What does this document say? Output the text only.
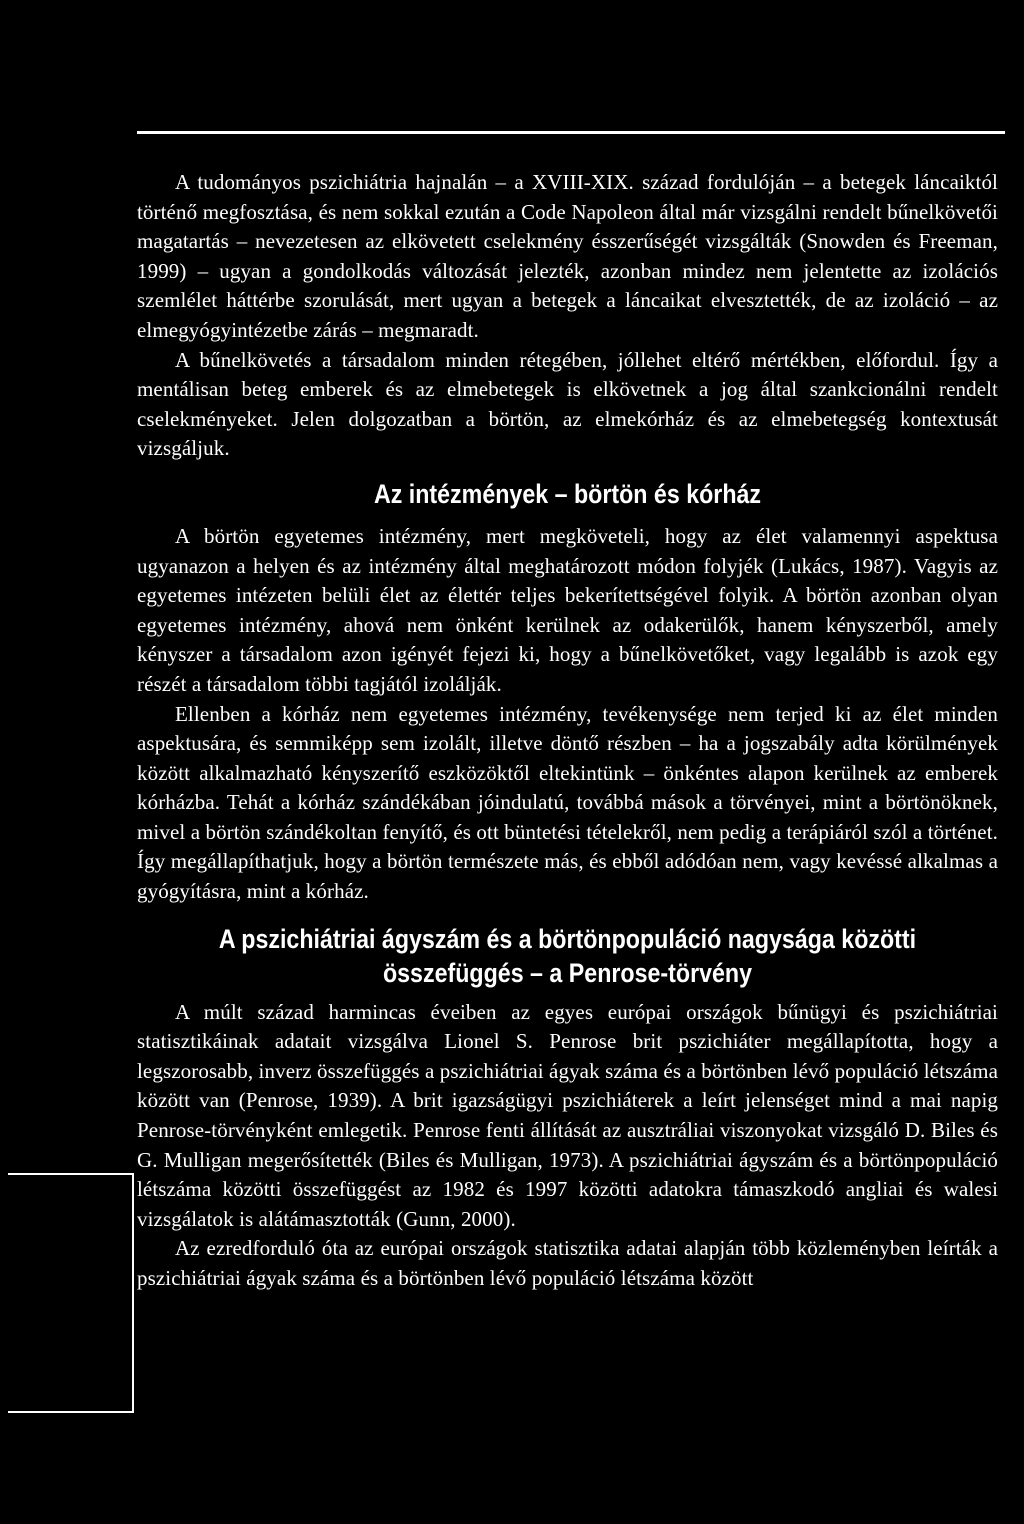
A tudományos pszichiátria hajnalán – a XVIII-XIX. század fordulóján – a betegek láncaiktól történő megfosztása, és nem sokkal ezután a Code Napoleon által már vizsgálni rendelt bűnelkövetői magatartás – nevezetesen az elkövetett cselekmény ésszerűségét vizsgálták (Snowden és Freeman, 1999) – ugyan a gondolkodás változását jelezték, azonban mindez nem jelentette az izolációs szemlélet háttérbe szorulását, mert ugyan a betegek a láncaikat elvesztették, de az izoláció – az elmegyógyintézetbe zárás – megmaradt.

A bűnelkövetés a társadalom minden rétegében, jóllehet eltérő mértékben, előfordul. Így a mentálisan beteg emberek és az elmebetegek is elkövetnek a jog által szankcionálni rendelt cselekményeket. Jelen dolgozatban a börtön, az elmekórház és az elmebetegség kontextusát vizsgáljuk.

Az intézmények – börtön és kórház

A börtön egyetemes intézmény, mert megköveteli, hogy az élet valamennyi aspektusa ugyanazon a helyen és az intézmény által meghatározott módon folyjék (Lukács, 1987). Vagyis az egyetemes intézeten belüli élet az élettér teljes bekerítettségével folyik. A börtön azonban olyan egyetemes intézmény, ahová nem önként kerülnek az odakerülők, hanem kényszerből, amely kényszer a társadalom azon igényét fejezi ki, hogy a bűnelkövetőket, vagy legalább is azok egy részét a társadalom többi tagjától izolálják.

Ellenben a kórház nem egyetemes intézmény, tevékenysége nem terjed ki az élet minden aspektusára, és semmiképp sem izolált, illetve döntő részben – ha a jogszabály adta körülmények között alkalmazható kényszerítő eszközöktől eltekintünk – önkéntes alapon kerülnek az emberek kórházba. Tehát a kórház szándékában jóindulatú, továbbá mások a törvényei, mint a börtönöknek, mivel a börtön szándékoltan fenyítő, és ott büntetési tételekről, nem pedig a terápiáról szól a történet. Így megállapíthatjuk, hogy a börtön természete más, és ebből adódóan nem, vagy kevéssé alkalmas a gyógyításra, mint a kórház.

A pszichiátriai ágyszám és a börtönpopuláció nagysága közötti
összefüggés – a Penrose-törvény

A múlt század harmincas éveiben az egyes európai országok bűnügyi és pszichiátriai statisztikáinak adatait vizsgálva Lionel S. Penrose brit pszichiáter megállapította, hogy a legszorosabb, inverz összefüggés a pszichiátriai ágyak száma és a börtönben lévő populáció létszáma között van (Penrose, 1939). A brit igazságügyi pszichiáterek a leírt jelenséget mind a mai napig Penrose-törvényként emlegetik. Penrose fenti állítását az ausztráliai viszonyokat vizsgáló D. Biles és G. Mulligan megerősítették (Biles és Mulligan, 1973). A pszichiátriai ágyszám és a börtönpopuláció létszáma közötti összefüggést az 1982 és 1997 közötti adatokra támaszkodó angliai és walesi vizsgálatok is alátámasztották (Gunn, 2000).

Az ezredforduló óta az európai országok statisztika adatai alapján több közleményben leírták a pszichiátriai ágyak száma és a börtönben lévő populáció létszáma között
